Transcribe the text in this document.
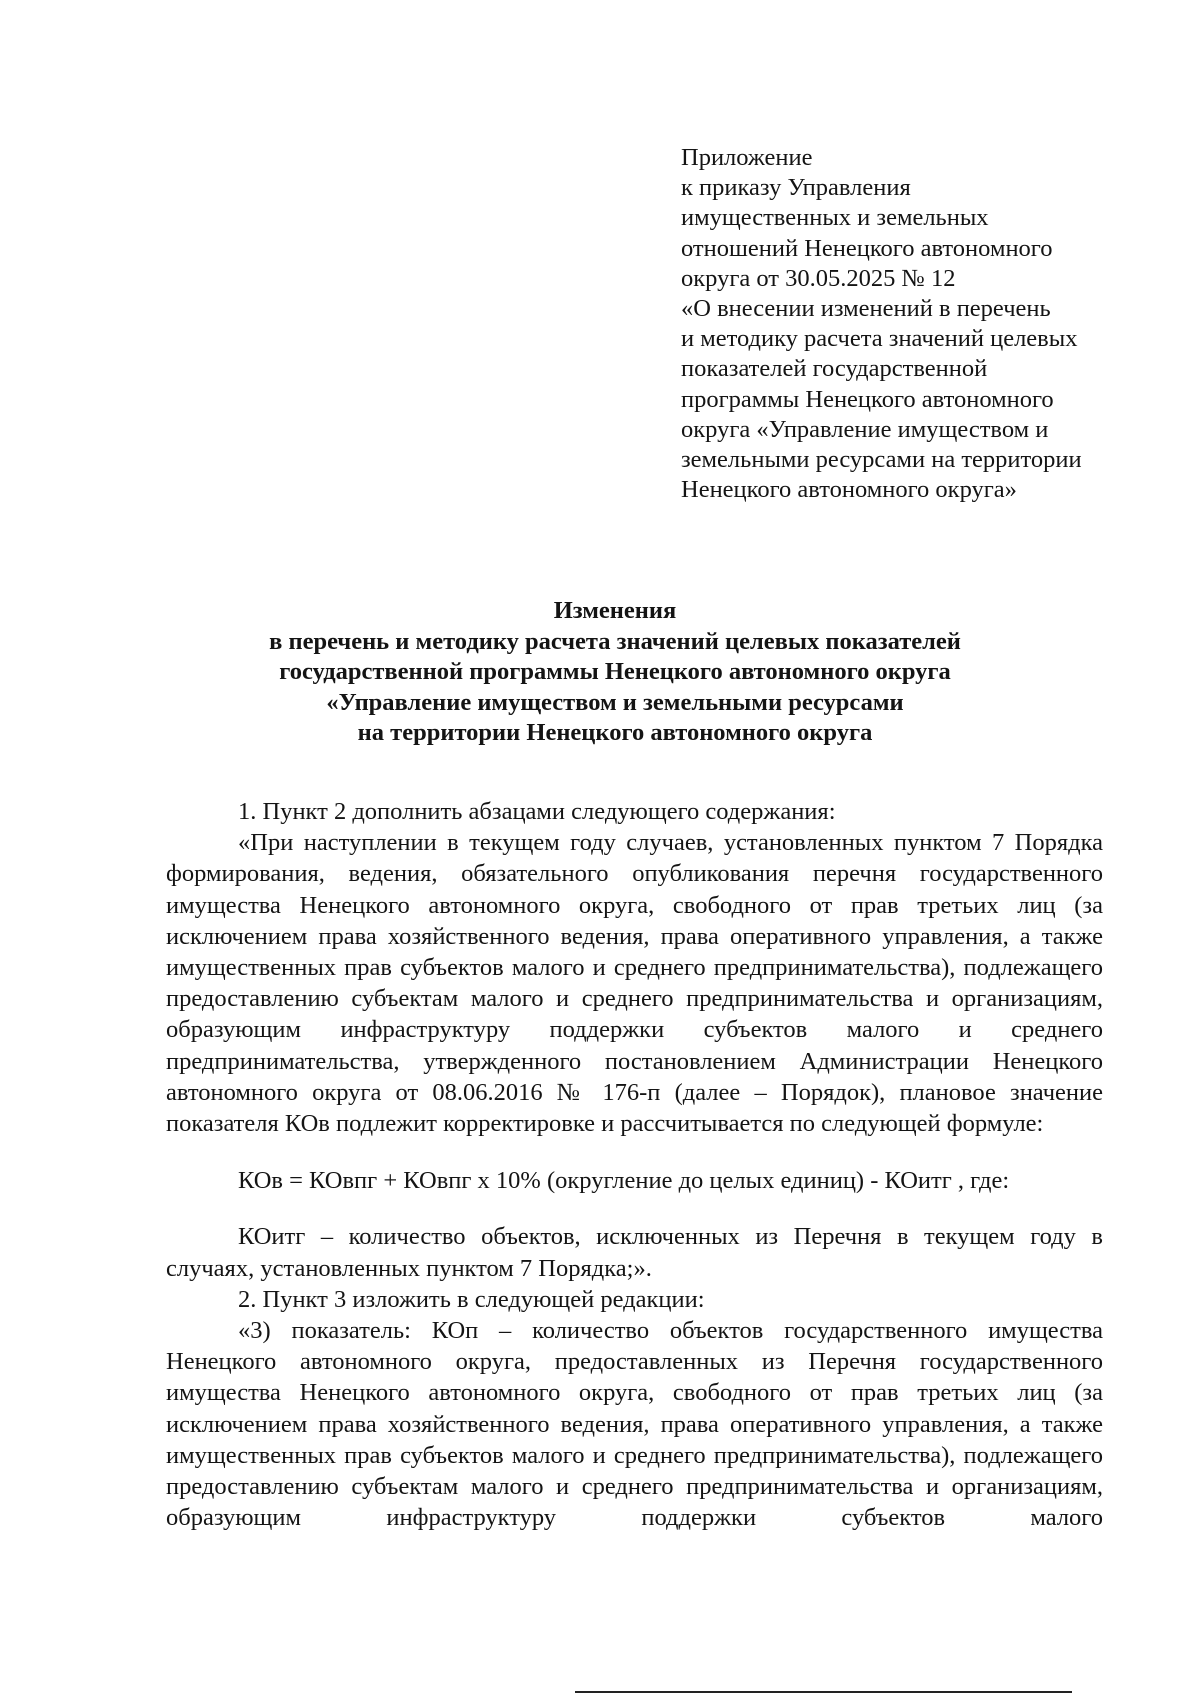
Приложение
к приказу Управления
имущественных и земельных
отношений Ненецкого автономного
округа от 30.05.2025 № 12
«О внесении изменений в перечень
и методику расчета значений целевых
показателей государственной
программы Ненецкого автономного
округа «Управление имуществом и
земельными ресурсами на территории
Ненецкого автономного округа»
Изменения
в перечень и методику расчета значений целевых показателей
государственной программы Ненецкого автономного округа
«Управление имуществом и земельными ресурсами
на территории Ненецкого автономного округа

1. Пункт 2 дополнить абзацами следующего содержания:

«При наступлении в текущем году случаев, установленных пунктом 7 Порядка формирования, ведения, обязательного опубликования перечня государственного имущества Ненецкого автономного округа, свободного от прав третьих лиц (за исключением права хозяйственного ведения, права оперативного управления, а также имущественных прав субъектов малого и среднего предпринимательства), подлежащего предоставлению субъектам малого и среднего предпринимательства и организациям, образующим инфраструктуру поддержки субъектов малого и среднего предпринимательства, утвержденного постановлением Администрации Ненецкого автономного округа от 08.06.2016 № 176-п (далее – Порядок), плановое значение показателя КОв подлежит корректировке и рассчитывается по следующей формуле:

КОв = КОвпг + КОвпг х 10% (округление до целых единиц) - КОитг , где:

КОитг – количество объектов, исключенных из Перечня в текущем году в случаях, установленных пунктом 7 Порядка;».

2. Пункт 3 изложить в следующей редакции:

«3) показатель: КОп – количество объектов государственного имущества Ненецкого автономного округа, предоставленных из Перечня государственного имущества Ненецкого автономного округа, свободного от прав третьих лиц (за исключением права хозяйственного ведения, права оперативного управления, а также имущественных прав субъектов малого и среднего предпринимательства), подлежащего предоставлению субъектам малого и среднего предпринимательства и организациям, образующим инфраструктуру поддержки субъектов малого
